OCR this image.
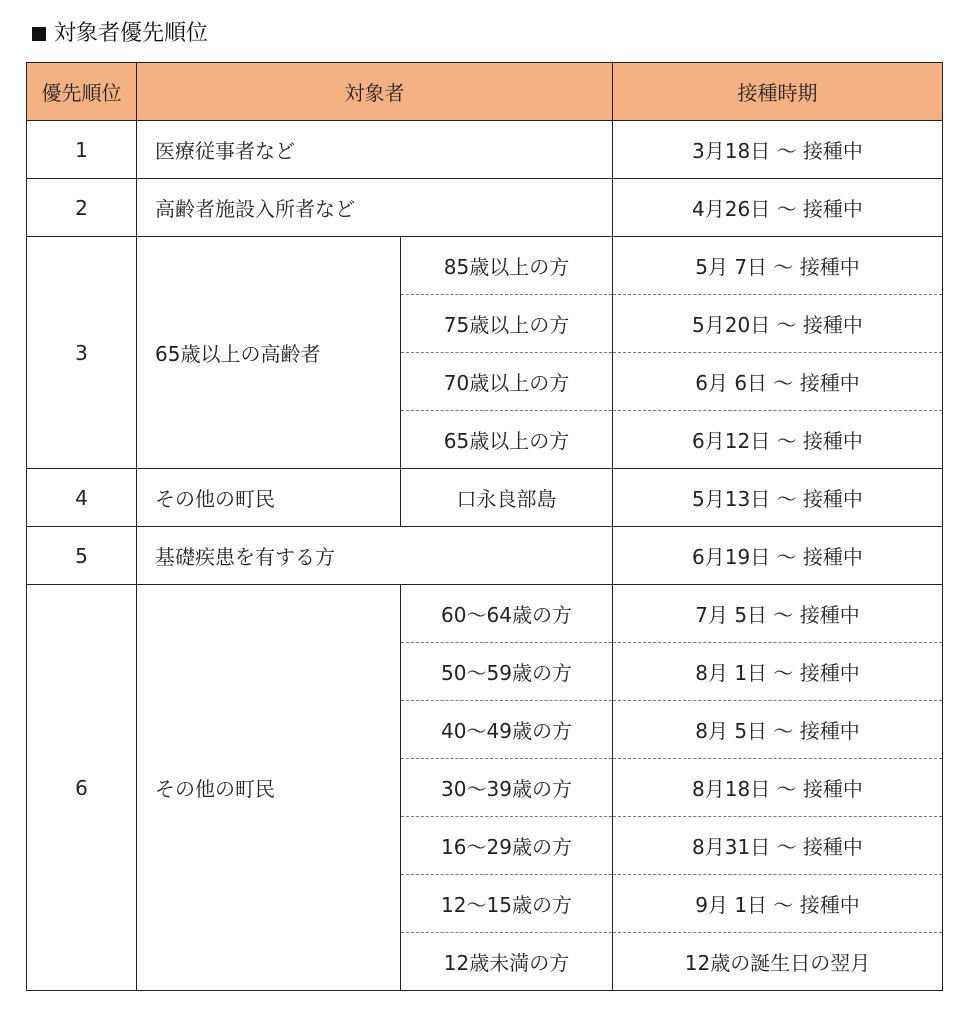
対象者優先順位
優先順位	対象者		接種時期
1	医療従事者など		3月18日 ～ 接種中
2	高齢者施設入所者など		4月26日 ～ 接種中
3	65歳以上の高齢者	85歳以上の方	5月 7日 ～ 接種中
		75歳以上の方	5月20日 ～ 接種中
		70歳以上の方	6月 6日 ～ 接種中
		65歳以上の方	6月12日 ～ 接種中
4	その他の町民	口永良部島	5月13日 ～ 接種中
5	基礎疾患を有する方		6月19日 ～ 接種中
6	その他の町民	60～64歳の方	7月 5日 ～ 接種中
		50～59歳の方	8月 1日 ～ 接種中
		40～49歳の方	8月 5日 ～ 接種中
		30～39歳の方	8月18日 ～ 接種中
		16～29歳の方	8月31日 ～ 接種中
		12～15歳の方	9月 1日 ～ 接種中
		12歳未満の方	12歳の誕生日の翌月
